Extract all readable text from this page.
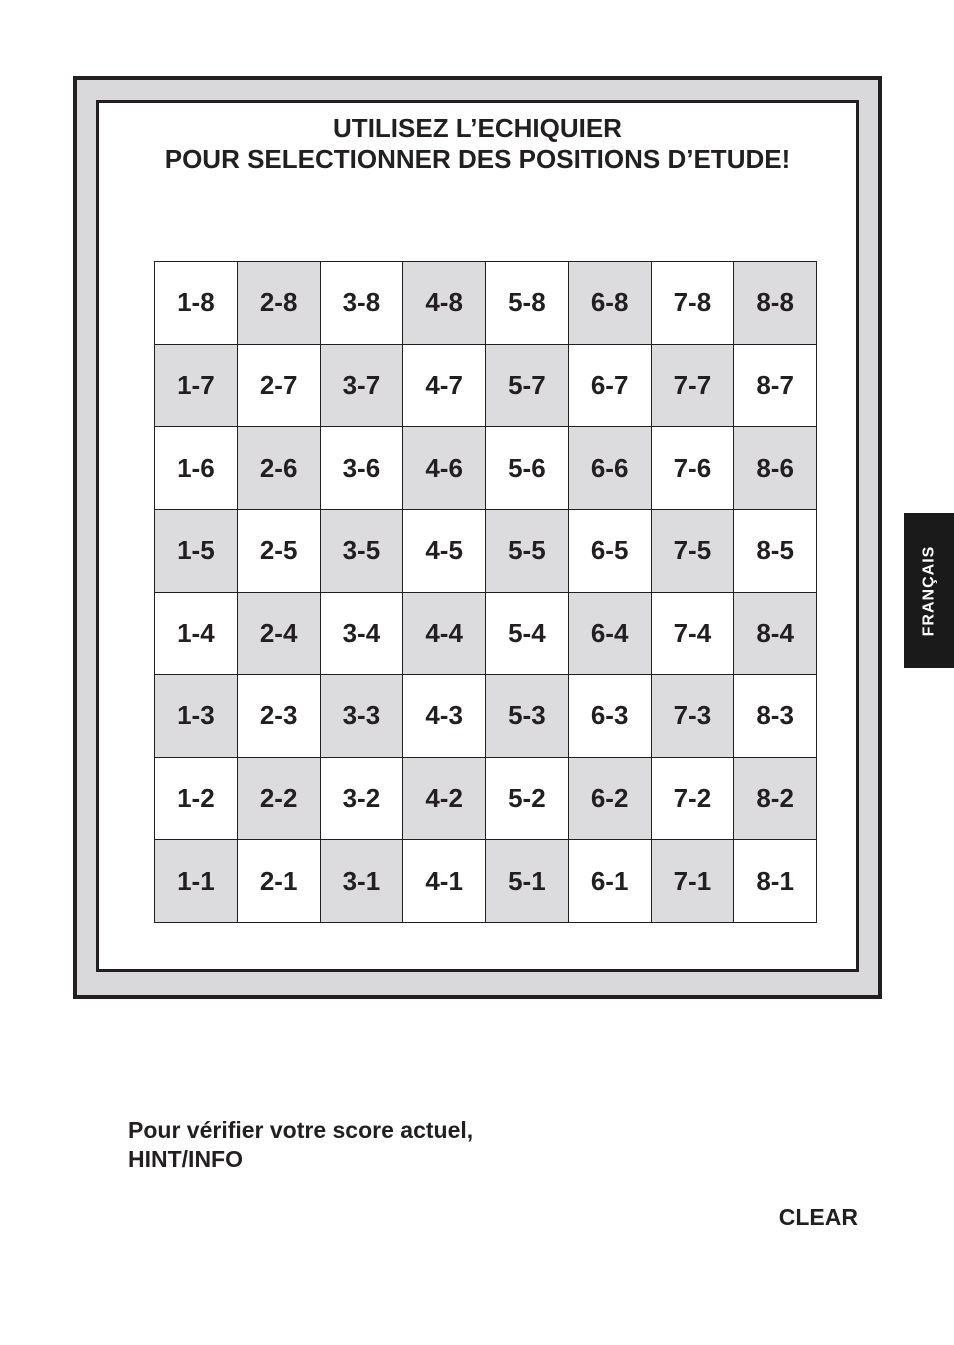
UTILISEZ L’ECHIQUIER
POUR SELECTIONNER DES POSITIONS D’ETUDE!
1-8	2-8	3-8	4-8	5-8	6-8	7-8	8-8
1-7	2-7	3-7	4-7	5-7	6-7	7-7	8-7
1-6	2-6	3-6	4-6	5-6	6-6	7-6	8-6
1-5	2-5	3-5	4-5	5-5	6-5	7-5	8-5
1-4	2-4	3-4	4-4	5-4	6-4	7-4	8-4
1-3	2-3	3-3	4-3	5-3	6-3	7-3	8-3
1-2	2-2	3-2	4-2	5-2	6-2	7-2	8-2
1-1	2-1	3-1	4-1	5-1	6-1	7-1	8-1
FRANÇAIS
Pour vérifier votre score actuel,
HINT/INFO
CLEAR
